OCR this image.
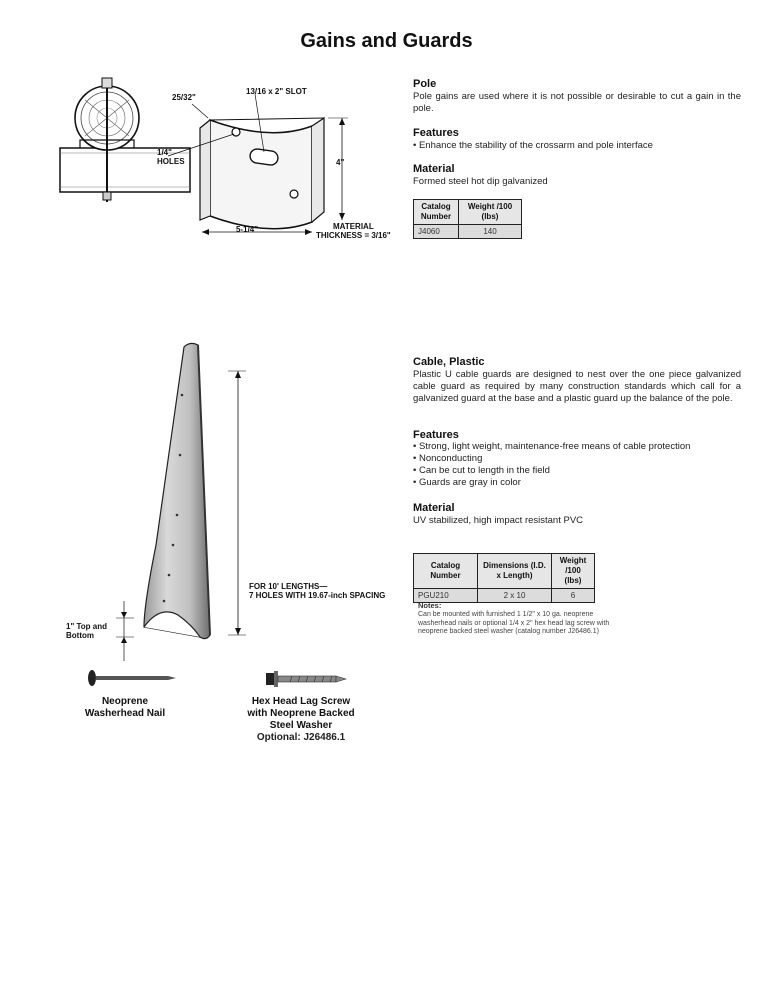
Gains and Guards
25/32"
13/16 x 2" SLOT
1/4" HOLES	4"
5-1/4"	MATERIAL
THICKNESS = 3/16"
Pole
Pole gains are used where it is not possible or desirable to cut a gain in the pole.
Features
• Enhance the stability of the crossarm and pole interface
Material
Formed steel hot dip galvanized
Catalog Number	Weight /100 (lbs)
J4060	140
FOR 10' LENGTHS—
7 HOLES WITH 19.67-inch SPACING
1" Top and
Bottom
Neoprene
Washerhead Nail
Hex Head Lag Screw
with Neoprene Backed
Steel Washer
Optional: J26486.1
Cable, Plastic
Plastic U cable guards are designed to nest over the one piece galvanized cable guard as required by many construction standards which call for a galvanized guard at the base and a plastic guard up the balance of the pole.
Features
• Strong, light weight, maintenance-free means of cable protection
• Nonconducting
• Can be cut to length in the field
• Guards are gray in color
Material
UV stabilized, high impact resistant PVC
Catalog Number	Dimensions (I.D. x Length)	Weight /100 (lbs)
PGU210	2 x 10	6
Notes:
Can be mounted with furnished 1 1/2" x 10 ga. neoprene washerhead nails or optional 1/4 x 2" hex head lag screw with neoprene backed steel washer (catalog number J26486.1)
